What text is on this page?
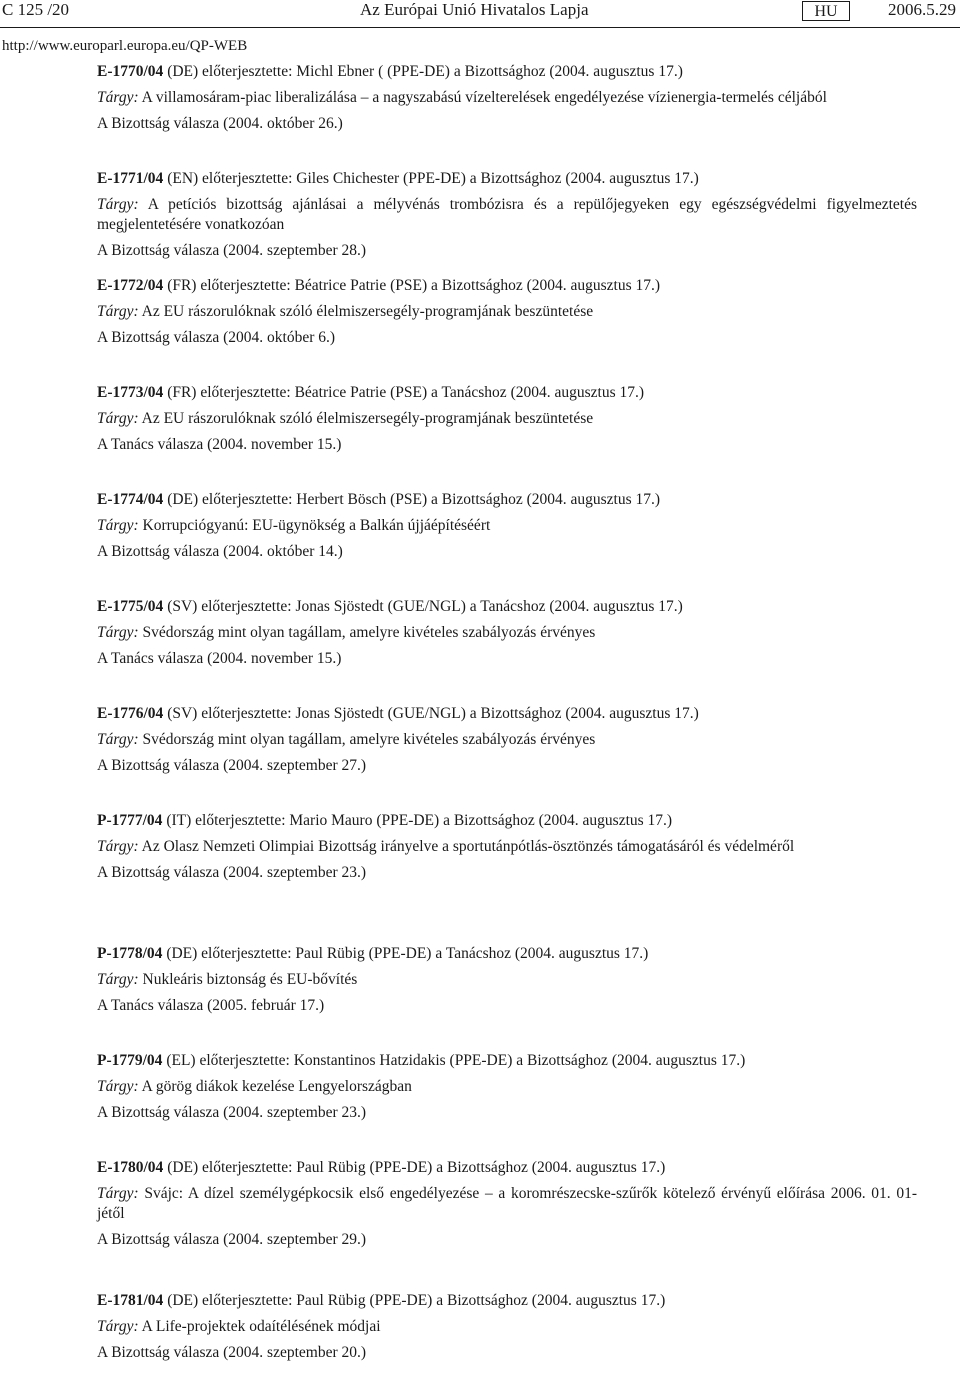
C 125 /20	Az Európai Unió Hivatalos Lapja	HU	2006.5.29
http://www.europarl.europa.eu/QP-WEB

E-1770/04 (DE) előterjesztette: Michl Ebner ( (PPE-DE) a Bizottsághoz (2004. augusztus 17.)

Tárgy: A villamosáram-piac liberalizálása – a nagyszabású vízelterelések engedélyezése vízienergia-termelés céljából

A Bizottság válasza (2004. október 26.)

E-1771/04 (EN) előterjesztette: Giles Chichester (PPE-DE) a Bizottsághoz (2004. augusztus 17.)

Tárgy: A petíciós bizottság ajánlásai a mélyvénás trombózisra és a repülőjegyeken egy egészségvédelmi figyelmeztetés megjelentetésére vonatkozóan

A Bizottság válasza (2004. szeptember 28.)

E-1772/04 (FR) előterjesztette: Béatrice Patrie (PSE) a Bizottsághoz (2004. augusztus 17.)

Tárgy: Az EU rászorulóknak szóló élelmiszersegély-programjának beszüntetése

A Bizottság válasza (2004. október 6.)

E-1773/04 (FR) előterjesztette: Béatrice Patrie (PSE) a Tanácshoz (2004. augusztus 17.)

Tárgy: Az EU rászorulóknak szóló élelmiszersegély-programjának beszüntetése

A Tanács válasza (2004. november 15.)

E-1774/04 (DE) előterjesztette: Herbert Bösch (PSE) a Bizottsághoz (2004. augusztus 17.)

Tárgy: Korrupciógyanú: EU-ügynökség a Balkán újjáépítéséért

A Bizottság válasza (2004. október 14.)

E-1775/04 (SV) előterjesztette: Jonas Sjöstedt (GUE/NGL) a Tanácshoz (2004. augusztus 17.)

Tárgy: Svédország mint olyan tagállam, amelyre kivételes szabályozás érvényes

A Tanács válasza (2004. november 15.)

E-1776/04 (SV) előterjesztette: Jonas Sjöstedt (GUE/NGL) a Bizottsághoz (2004. augusztus 17.)

Tárgy: Svédország mint olyan tagállam, amelyre kivételes szabályozás érvényes

A Bizottság válasza (2004. szeptember 27.)

P-1777/04 (IT) előterjesztette: Mario Mauro (PPE-DE) a Bizottsághoz (2004. augusztus 17.)

Tárgy: Az Olasz Nemzeti Olimpiai Bizottság irányelve a sportutánpótlás-ösztönzés támogatásáról és védelméről

A Bizottság válasza (2004. szeptember 23.)

P-1778/04 (DE) előterjesztette: Paul Rübig (PPE-DE) a Tanácshoz (2004. augusztus 17.)

Tárgy: Nukleáris biztonság és EU-bővítés

A Tanács válasza (2005. február 17.)

P-1779/04 (EL) előterjesztette: Konstantinos Hatzidakis (PPE-DE) a Bizottsághoz (2004. augusztus 17.)

Tárgy: A görög diákok kezelése Lengyelországban

A Bizottság válasza (2004. szeptember 23.)

E-1780/04 (DE) előterjesztette: Paul Rübig (PPE-DE) a Bizottsághoz (2004. augusztus 17.)

Tárgy: Svájc: A dízel személygépkocsik első engedélyezése – a koromrészecske-szűrők kötelező érvényű előírása 2006. 01. 01-jétől

A Bizottság válasza (2004. szeptember 29.)

E-1781/04 (DE) előterjesztette: Paul Rübig (PPE-DE) a Bizottsághoz (2004. augusztus 17.)

Tárgy: A Life-projektek odaítélésének módjai

A Bizottság válasza (2004. szeptember 20.)
